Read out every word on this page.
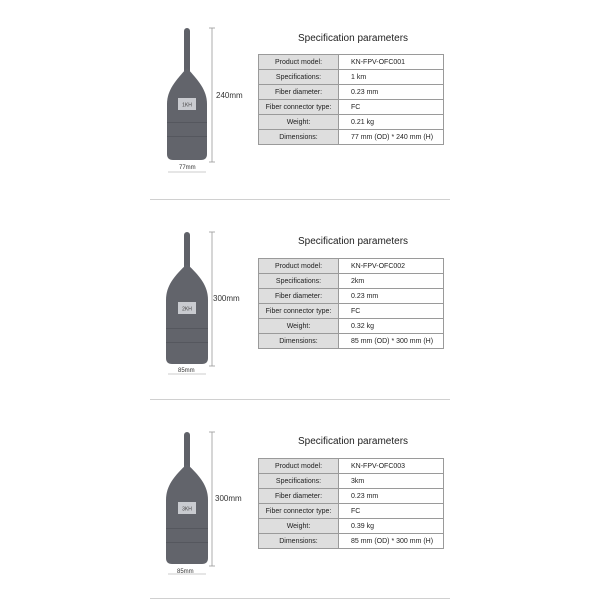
1KH
240mm
77mm
Specification parameters
Product model:	KN-FPV-OFC001
Specifications:	1 km
Fiber diameter:	0.23 mm
Fiber connector type:	FC
Weight:	0.21 kg
Dimensions:	77 mm (OD) * 240 mm (H)
2KH
300mm
85mm
Specification parameters
Product model:	KN-FPV-OFC002
Specifications:	2km
Fiber diameter:	0.23 mm
Fiber connector type:	FC
Weight:	0.32 kg
Dimensions:	85 mm (OD) * 300 mm (H)
3KH
300mm
85mm
Specification parameters
Product model:	KN-FPV-OFC003
Specifications:	3km
Fiber diameter:	0.23 mm
Fiber connector type:	FC
Weight:	0.39 kg
Dimensions:	85 mm (OD) * 300 mm (H)
